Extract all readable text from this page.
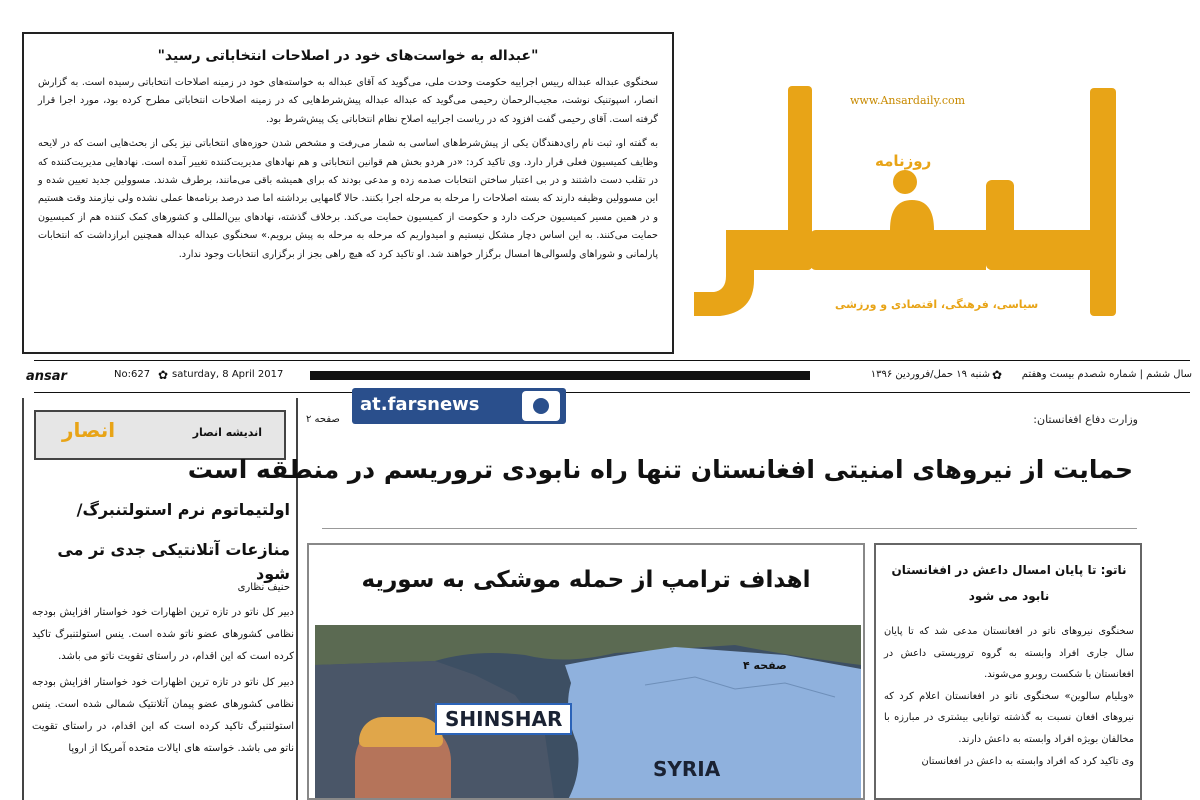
"عبداله به خواست‌های خود در اصلاحات انتخاباتی رسید"

سخنگوی عبداله عبداله رییس اجراییه حکومت وحدت ملی، می‌گوید که آقای عبداله به خواسته‌های خود در زمینه اصلاحات انتخاباتی رسیده است. به گزارش انصار، اسپوتنیک نوشت، مجیب‌الرحمان رحیمی می‌گوید که عبداله عبداله پیش‌شرط‌هایی که در زمینه اصلاحات انتخاباتی مطرح کرده بود، مورد اجرا قرار گرفته است. آقای رحیمی گفت افزود که در ریاست اجراییه اصلاح نظام انتخاباتی یک پیش‌شرط بود.

به گفته او، ثبت نام رای‌دهندگان یکی از پیش‌شرط‌های اساسی به شمار می‌رفت و مشخص شدن حوزه‌های انتخاباتی نیز یکی از بحث‌هایی است که در لایحه وظایف کمیسیون فعلی قرار دارد. وی تاکید کرد: «در هردو بخش هم قوانین انتخاباتی و هم نهادهای مدیریت‌کننده تغییر آمده است. نهادهایی مدیریت‌کننده که در تقلب دست داشتند و در بی اعتبار ساختن انتخابات صدمه زده و مدعی بودند که برای همیشه باقی می‌مانند، برطرف شدند. مسوولین جدید تعیین شده و این مسوولین وظیفه دارند که بسته اصلاحات را مرحله به مرحله اجرا بکنند. حالا گامهایی برداشته اما صد درصد برنامه‌ها عملی نشده ولی نیازمند وقت هستیم و در همین مسیر کمیسیون حرکت دارد و حکومت از کمیسیون حمایت می‌کند. برخلاف گذشته، نهادهای بین‌المللی و کشورهای کمک کننده هم از کمیسیون حمایت می‌کنند. به این اساس دچار مشکل نیستیم و امیدواریم که مرحله به مرحله به پیش برویم.» سخنگوی عبداله عبداله همچنین ابرازداشت که انتخابات پارلمانی و شوراهای ولسوالی‌ها امسال برگزار خواهند شد. او تاکید کرد که هیچ راهی بجز از برگزاری انتخابات وجود ندارد.

www.Ansardaily.com
روزنامه
سیاسی، فرهنگی، اقتصادی و ورزشی
ansar	No:627 ✿ saturday, 8 April 2017	شنبه ۱۹ حمل/فروردین ۱۳۹۶ ✿	سال ششم | شماره شصدم بیست وهفتم
انصار	اندیشه انصار
اولتیماتوم نرم استولتنبرگ/
منازعات آتلانتیکی جدی تر می شود
حنیف نظاری

دبیر کل ناتو در تازه ترین اظهارات خود خواستار افزایش بودجه نظامی کشورهای عضو ناتو شده است. ینس استولتنبرگ تاکید کرده است که این اقدام، در راستای تقویت ناتو می باشد.

دبیر کل ناتو در تازه ترین اظهارات خود خواستار افزایش بودجه نظامی کشورهای عضو پیمان آتلانتیک شمالی شده است. ینس استولتنبرگ تاکید کرده است که این اقدام، در راستای تقویت ناتو می باشد. خواسته های ایالات متحده آمریکا از اروپا

at.farsnews
صفحه ۲	وزارت دفاع افغانستان:
حمایت از نیروهای امنیتی افغانستان تنها راه نابودی تروریسم در منطقه است
اهداف ترامپ از حمله موشکی به سوریه
SHINSHAR
SYRIA
صفحه ۴
ناتو: تا پایان امسال داعش در افغانستان نابود می شود

سخنگوی نیروهای ناتو در افغانستان مدعی شد که تا پایان سال جاری افراد وابسته به گروه تروریستی داعش در افغانستان با شکست روبرو می‌شوند.

«ویلیام سالوین» سخنگوی ناتو در افغانستان اعلام کرد که نیروهای افغان نسبت به گذشته توانایی بیشتری در مبارزه با مخالفان بویژه افراد وابسته به داعش دارند.

وی تاکید کرد که افراد وابسته به داعش در افغانستان
